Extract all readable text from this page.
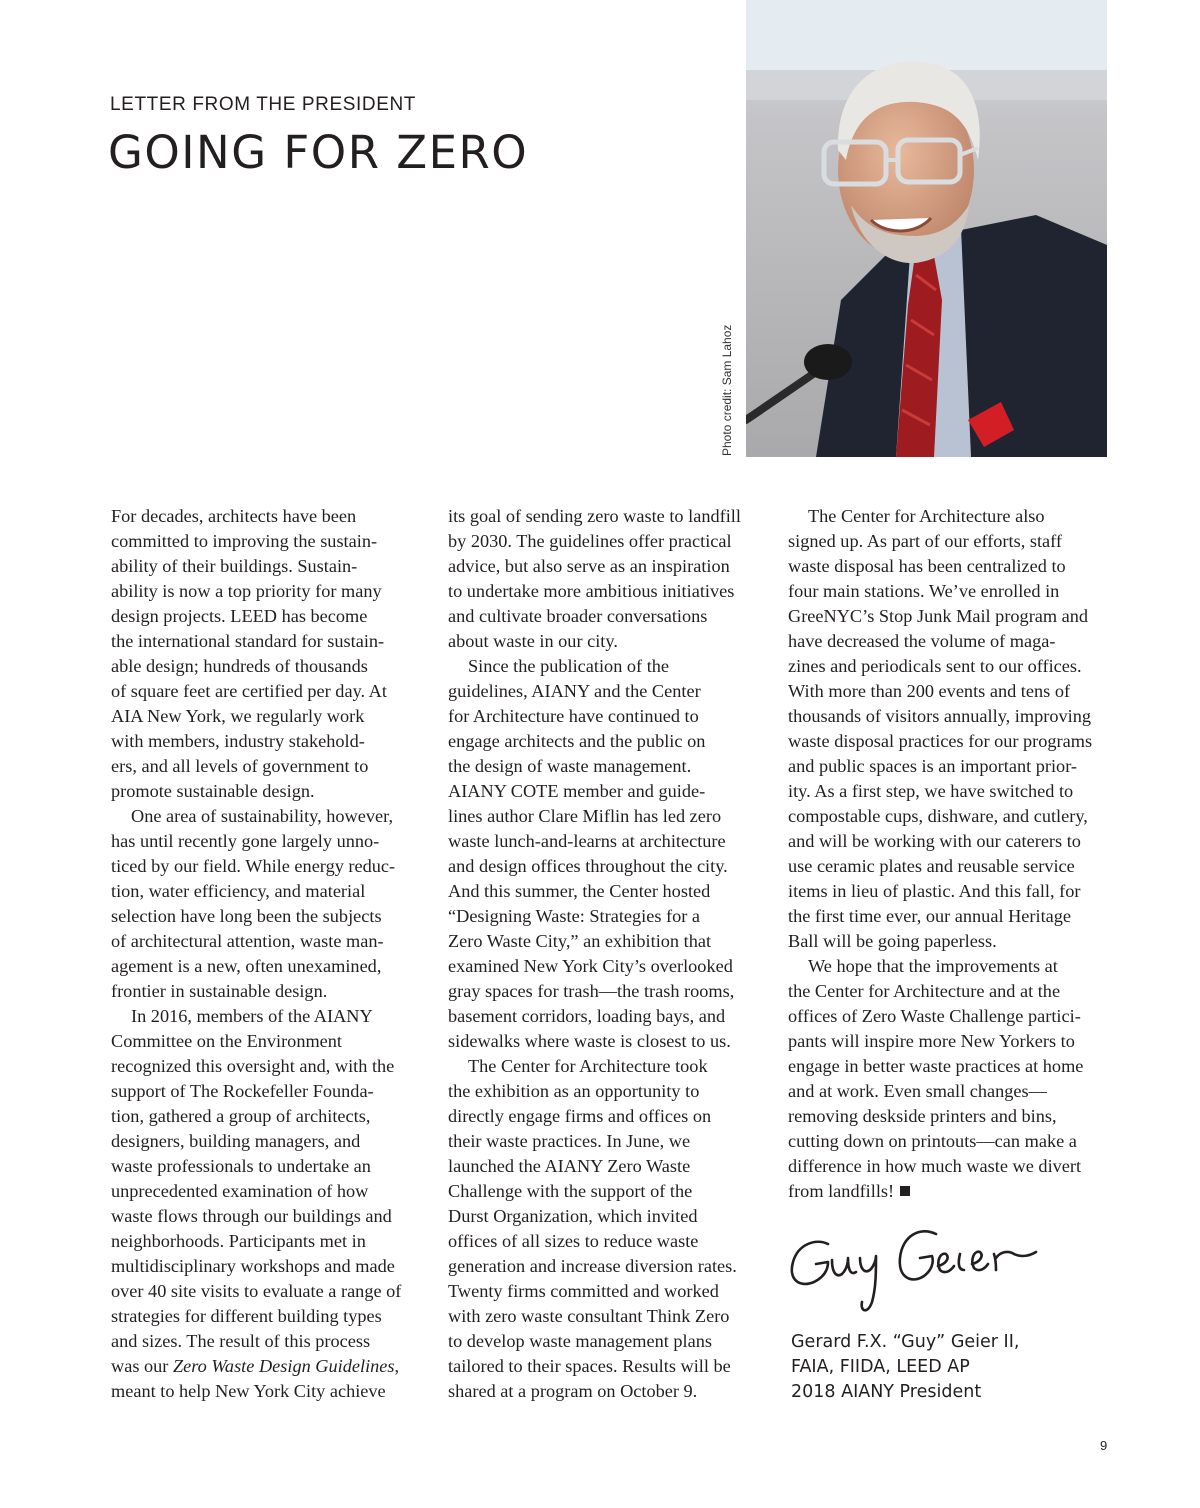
LETTER FROM THE PRESIDENT
GOING FOR ZERO
Photo credit: Sam Lahoz
For decades, architects have been
committed to improving the sustain-
ability of their buildings. Sustain-
ability is now a top priority for many
design projects. LEED has become
the international standard for sustain-
able design; hundreds of thousands
of square feet are certified per day. At
AIA New York, we regularly work
with members, industry stakehold-
ers, and all levels of government to
promote sustainable design.
One area of sustainability, however,
has until recently gone largely unno-
ticed by our field. While energy reduc-
tion, water efficiency, and material
selection have long been the subjects
of architectural attention, waste man-
agement is a new, often unexamined,
frontier in sustainable design.
In 2016, members of the AIANY
Committee on the Environment
recognized this oversight and, with the
support of The Rockefeller Founda-
tion, gathered a group of architects,
designers, building managers, and
waste professionals to undertake an
unprecedented examination of how
waste flows through our buildings and
neighborhoods. Participants met in
multidisciplinary workshops and made
over 40 site visits to evaluate a range of
strategies for different building types
and sizes. The result of this process
was our Zero Waste Design Guidelines,
meant to help New York City achieve
its goal of sending zero waste to landfill
by 2030. The guidelines offer practical
advice, but also serve as an inspiration
to undertake more ambitious initiatives
and cultivate broader conversations
about waste in our city.
Since the publication of the
guidelines, AIANY and the Center
for Architecture have continued to
engage architects and the public on
the design of waste management.
AIANY COTE member and guide-
lines author Clare Miflin has led zero
waste lunch-and-learns at architecture
and design offices throughout the city.
And this summer, the Center hosted
“Designing Waste: Strategies for a
Zero Waste City,” an exhibition that
examined New York City’s overlooked
gray spaces for trash—the trash rooms,
basement corridors, loading bays, and
sidewalks where waste is closest to us.
The Center for Architecture took
the exhibition as an opportunity to
directly engage firms and offices on
their waste practices. In June, we
launched the AIANY Zero Waste
Challenge with the support of the
Durst Organization, which invited
offices of all sizes to reduce waste
generation and increase diversion rates.
Twenty firms committed and worked
with zero waste consultant Think Zero
to develop waste management plans
tailored to their spaces. Results will be
shared at a program on October 9.
The Center for Architecture also
signed up. As part of our efforts, staff
waste disposal has been centralized to
four main stations. We’ve enrolled in
GreeNYC’s Stop Junk Mail program and
have decreased the volume of maga-
zines and periodicals sent to our offices.
With more than 200 events and tens of
thousands of visitors annually, improving
waste disposal practices for our programs
and public spaces is an important prior-
ity. As a first step, we have switched to
compostable cups, dishware, and cutlery,
and will be working with our caterers to
use ceramic plates and reusable service
items in lieu of plastic. And this fall, for
the first time ever, our annual Heritage
Ball will be going paperless.
We hope that the improvements at
the Center for Architecture and at the
offices of Zero Waste Challenge partici-
pants will inspire more New Yorkers to
engage in better waste practices at home
and at work. Even small changes—
removing deskside printers and bins,
cutting down on printouts—can make a
difference in how much waste we divert
from landfills!
Gerard F.X. “Guy” Geier II,
FAIA, FIIDA, LEED AP
2018 AIANY President
9
